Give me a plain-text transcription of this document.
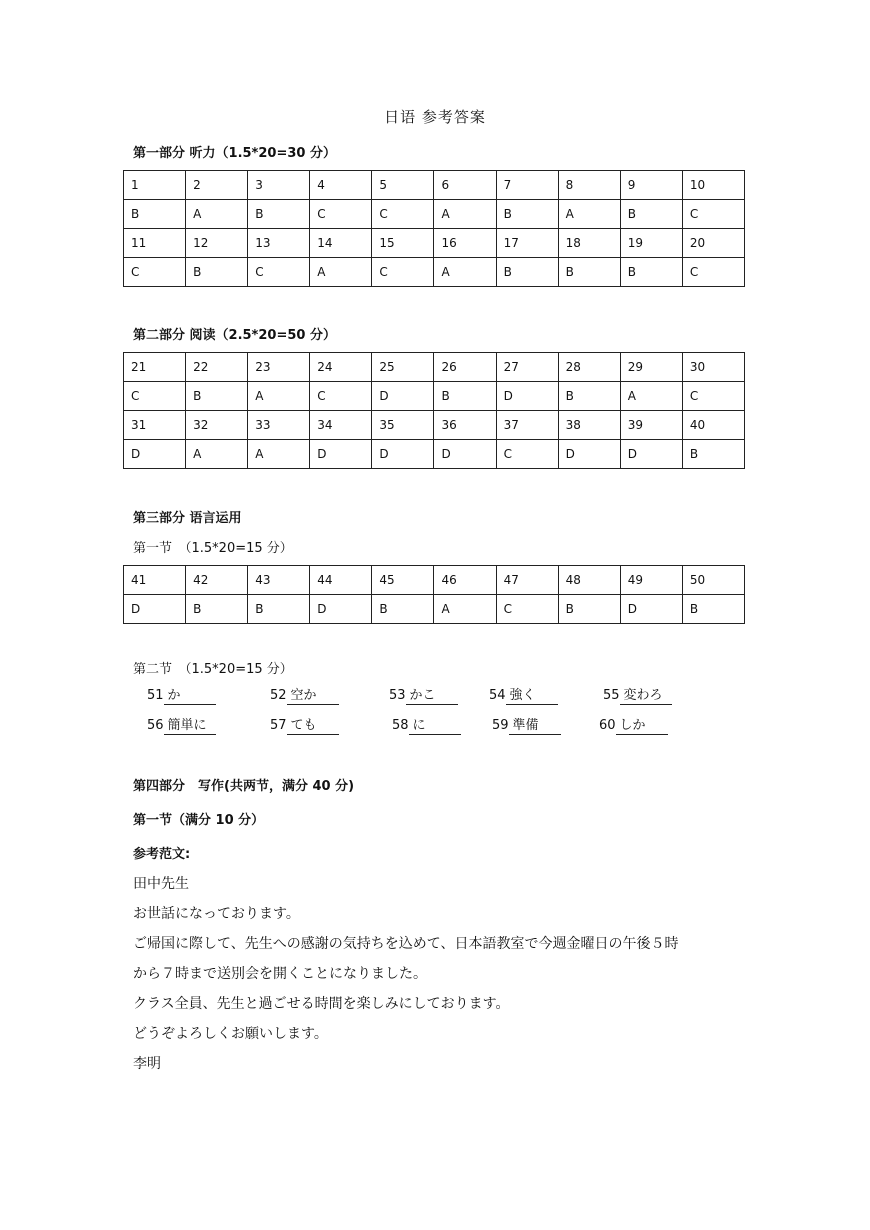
日语 参考答案
第一部分 听力（1.5*20=30 分）
1	2	3	4	5	6	7	8	9	10
B	A	B	C	C	A	B	A	B	C
11	12	13	14	15	16	17	18	19	20
C	B	C	A	C	A	B	B	B	C
第二部分 阅读（2.5*20=50 分）
21	22	23	24	25	26	27	28	29	30
C	B	A	C	D	B	D	B	A	C
31	32	33	34	35	36	37	38	39	40
D	A	A	D	D	D	C	D	D	B
第三部分 语言运用
第一节　（1.5*20=15 分）
41	42	43	44	45	46	47	48	49	50
D	B	B	D	B	A	C	B	D	B
第二节　（1.5*20=15 分）
51 か	52 空か	53 かこ	54 強く	55 変わろ
56 簡単に	57 ても	58 に	59 準備	60 しか
第四部分　写作(共两节，满分 40 分)
第一节（满分 10 分）
参考范文:
田中先生
お世話になっております。
ご帰国に際して、先生への感謝の気持ちを込めて、日本語教室で今週金曜日の午後５時
から７時まで送別会を開くことになりました。
クラス全員、先生と過ごせる時間を楽しみにしております。
どうぞよろしくお願いします。
李明
